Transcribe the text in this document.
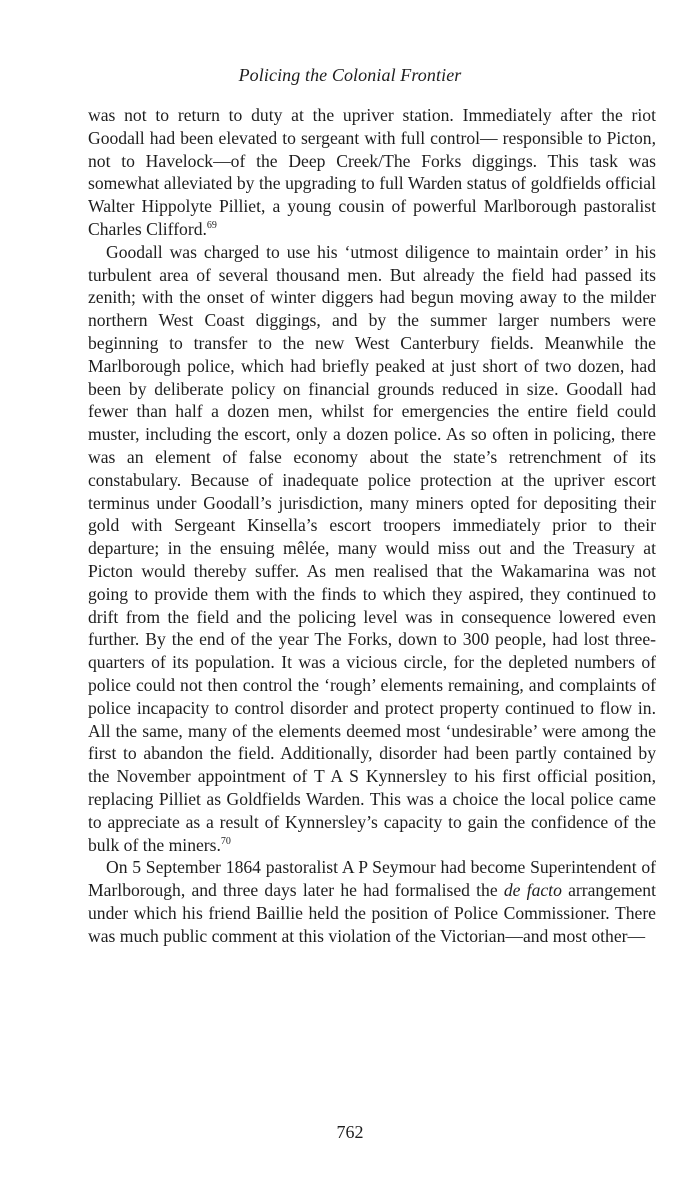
Policing the Colonial Frontier

was not to return to duty at the upriver station. Immediately after the riot Goodall had been elevated to sergeant with full control— responsible to Picton, not to Havelock—of the Deep Creek/The Forks diggings. This task was somewhat alleviated by the upgrading to full Warden status of goldfields official Walter Hippolyte Pilliet, a young cousin of powerful Marlborough pastoralist Charles Clifford.$^{69}$

Goodall was charged to use his ‘utmost diligence to maintain order’ in his turbulent area of several thousand men. But already the field had passed its zenith; with the onset of winter diggers had begun moving away to the milder northern West Coast diggings, and by the summer larger numbers were beginning to transfer to the new West Canterbury fields. Meanwhile the Marlborough police, which had briefly peaked at just short of two dozen, had been by deliberate policy on financial grounds reduced in size. Goodall had fewer than half a dozen men, whilst for emergencies the entire field could muster, including the escort, only a dozen police. As so often in policing, there was an element of false economy about the state’s retrenchment of its constabulary. Because of inadequate police protection at the upriver escort terminus under Goodall’s jurisdiction, many miners opted for depositing their gold with Sergeant Kinsella’s escort troopers immediately prior to their departure; in the ensuing mêlée, many would miss out and the Treasury at Picton would thereby suffer. As men realised that the Wakamarina was not going to provide them with the finds to which they aspired, they continued to drift from the field and the policing level was in consequence lowered even further. By the end of the year The Forks, down to 300 people, had lost three-quarters of its population. It was a vicious circle, for the depleted numbers of police could not then control the ‘rough’ elements remaining, and complaints of police incapacity to control disorder and protect property continued to flow in. All the same, many of the elements deemed most ‘undesirable’ were among the first to abandon the field. Additionally, disorder had been partly contained by the November appointment of T A S Kynnersley to his first official position, replacing Pilliet as Goldfields Warden. This was a choice the local police came to appreciate as a result of Kynnersley’s capacity to gain the confidence of the bulk of the miners.$^{70}$

On 5 September 1864 pastoralist A P Seymour had become Superintendent of Marlborough, and three days later he had formalised the de facto arrangement under which his friend Baillie held the position of Police Commissioner. There was much public comment at this violation of the Victorian—and most other—

762
